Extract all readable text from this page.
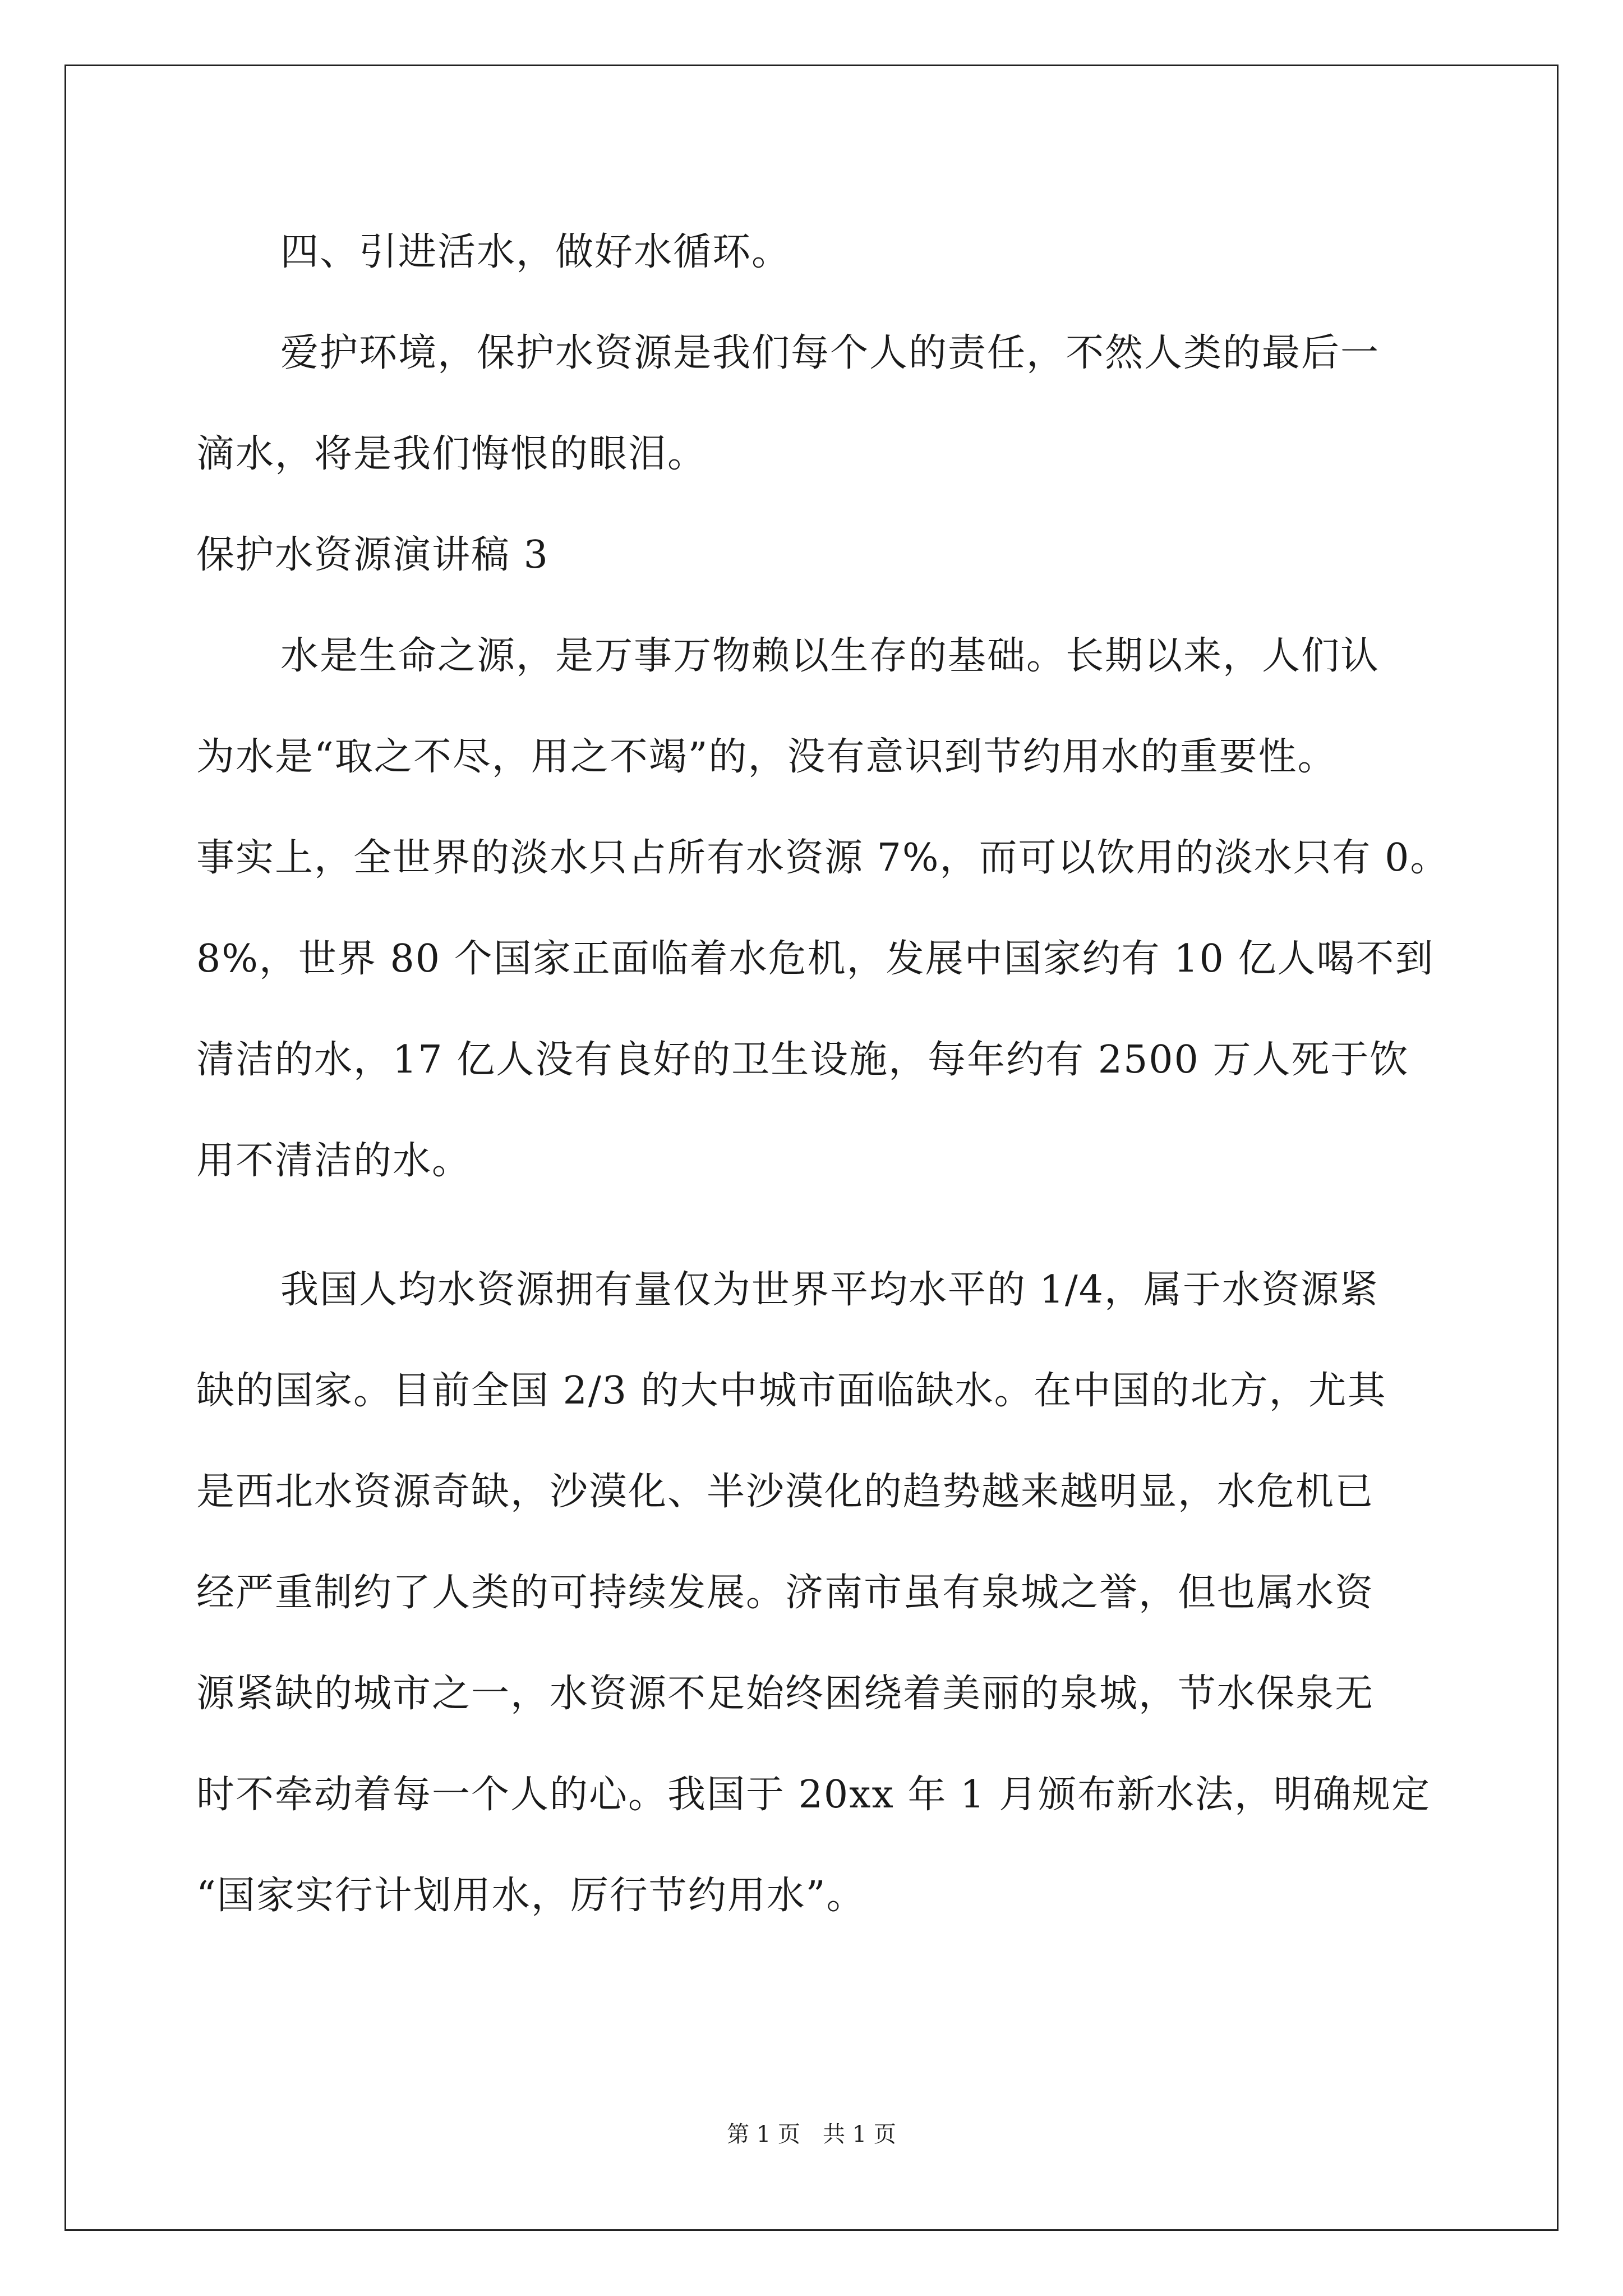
四、引进活水，做好水循环。
爱护环境，保护水资源是我们每个人的责任，不然人类的最后一
滴水，将是我们悔恨的眼泪。
保护水资源演讲稿 3
水是生命之源，是万事万物赖以生存的基础。长期以来，人们认
为水是“取之不尽，用之不竭”的，没有意识到节约用水的重要性。
事实上，全世界的淡水只占所有水资源 7%，而可以饮用的淡水只有 0。
8%，世界 80 个国家正面临着水危机，发展中国家约有 10 亿人喝不到
清洁的水，17 亿人没有良好的卫生设施，每年约有 2500 万人死于饮
用不清洁的水。
我国人均水资源拥有量仅为世界平均水平的 1/4，属于水资源紧
缺的国家。目前全国 2/3 的大中城市面临缺水。在中国的北方，尤其
是西北水资源奇缺，沙漠化、半沙漠化的趋势越来越明显，水危机已
经严重制约了人类的可持续发展。济南市虽有泉城之誉，但也属水资
源紧缺的城市之一，水资源不足始终困绕着美丽的泉城，节水保泉无
时不牵动着每一个人的心。我国于 20xx 年 1 月颁布新水法，明确规定
“国家实行计划用水，厉行节约用水”。
第 1 页　共 1 页
